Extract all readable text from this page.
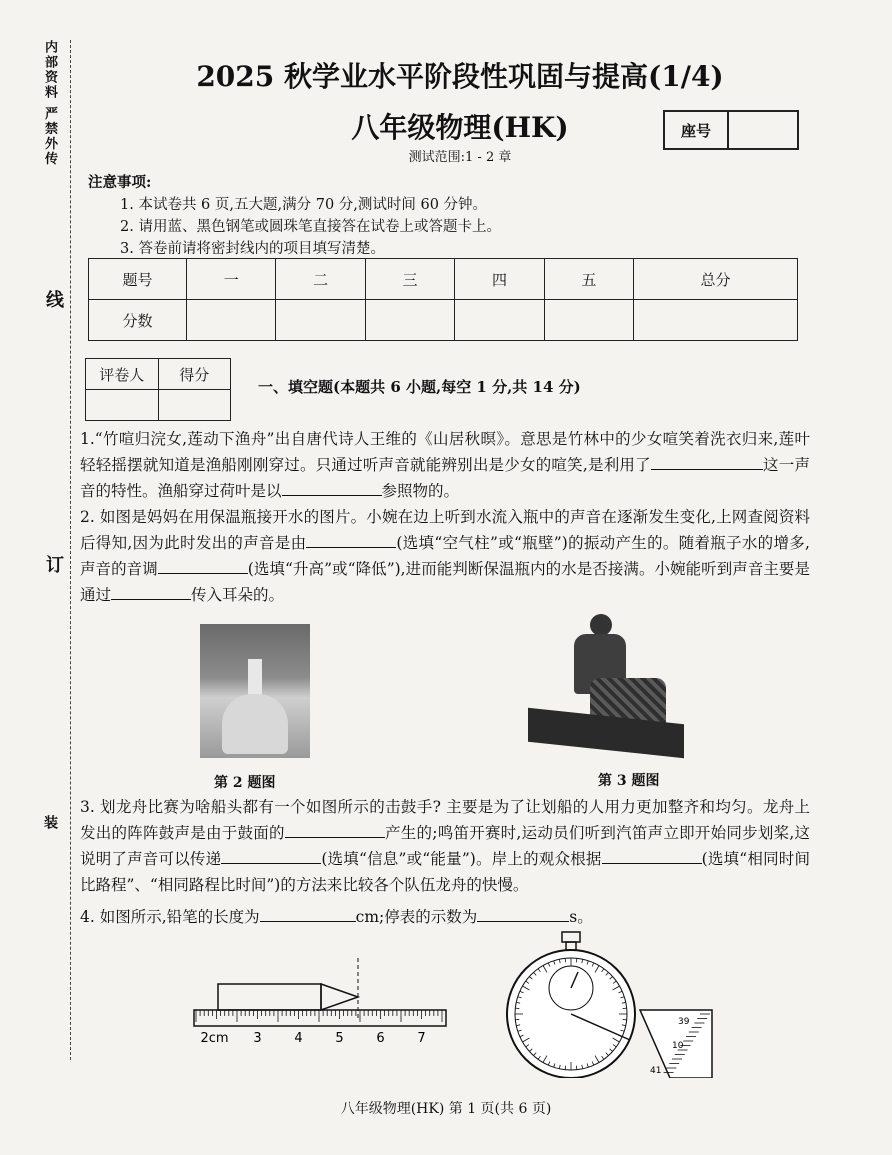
内部资料 严禁外传
线
订
装
2025 秋学业水平阶段性巩固与提高(1/4)
八年级物理(HK)
测试范围:1 - 2 章
座号
注意事项:
1. 本试卷共 6 页,五大题,满分 70 分,测试时间 60 分钟。
2. 请用蓝、黑色钢笔或圆珠笔直接答在试卷上或答题卡上。
3. 答卷前请将密封线内的项目填写清楚。
题号	一	二	三	四	五	总分
分数						
评卷人	得分

一、填空题(本题共 6 小题,每空 1 分,共 14 分)
1.“竹喧归浣女,莲动下渔舟”出自唐代诗人王维的《山居秋暝》。意思是竹林中的少女喧笑着洗衣归来,莲叶轻轻摇摆就知道是渔船刚刚穿过。只通过听声音就能辨别出是少女的喧笑,是利用了	这一声音的特性。渔船穿过荷叶是以	参照物的。
2. 如图是妈妈在用保温瓶接开水的图片。小婉在边上听到水流入瓶中的声音在逐渐发生变化,上网查阅资料后得知,因为此时发出的声音是由	(选填“空气柱”或“瓶壁”)的振动产生的。随着瓶子水的增多,声音的音调	(选填“升高”或“降低”),进而能判断保温瓶内的水是否接满。小婉能听到声音主要是通过	传入耳朵的。
第 2 题图	第 3 题图
3. 划龙舟比赛为啥船头都有一个如图所示的击鼓手? 主要是为了让划船的人用力更加整齐和均匀。龙舟上发出的阵阵鼓声是由于鼓面的	产生的;鸣笛开赛时,运动员们听到汽笛声立即开始同步划桨,这说明了声音可以传递	(选填“信息”或“能量”)。岸上的观众根据	(选填“相同时间比路程”、“相同路程比时间”)的方法来比较各个队伍龙舟的快慢。
4. 如图所示,铅笔的长度为	cm;停表的示数为	s。
2cm 3	4	5	6	7
39
10
41
八年级物理(HK) 第 1 页(共 6 页)
